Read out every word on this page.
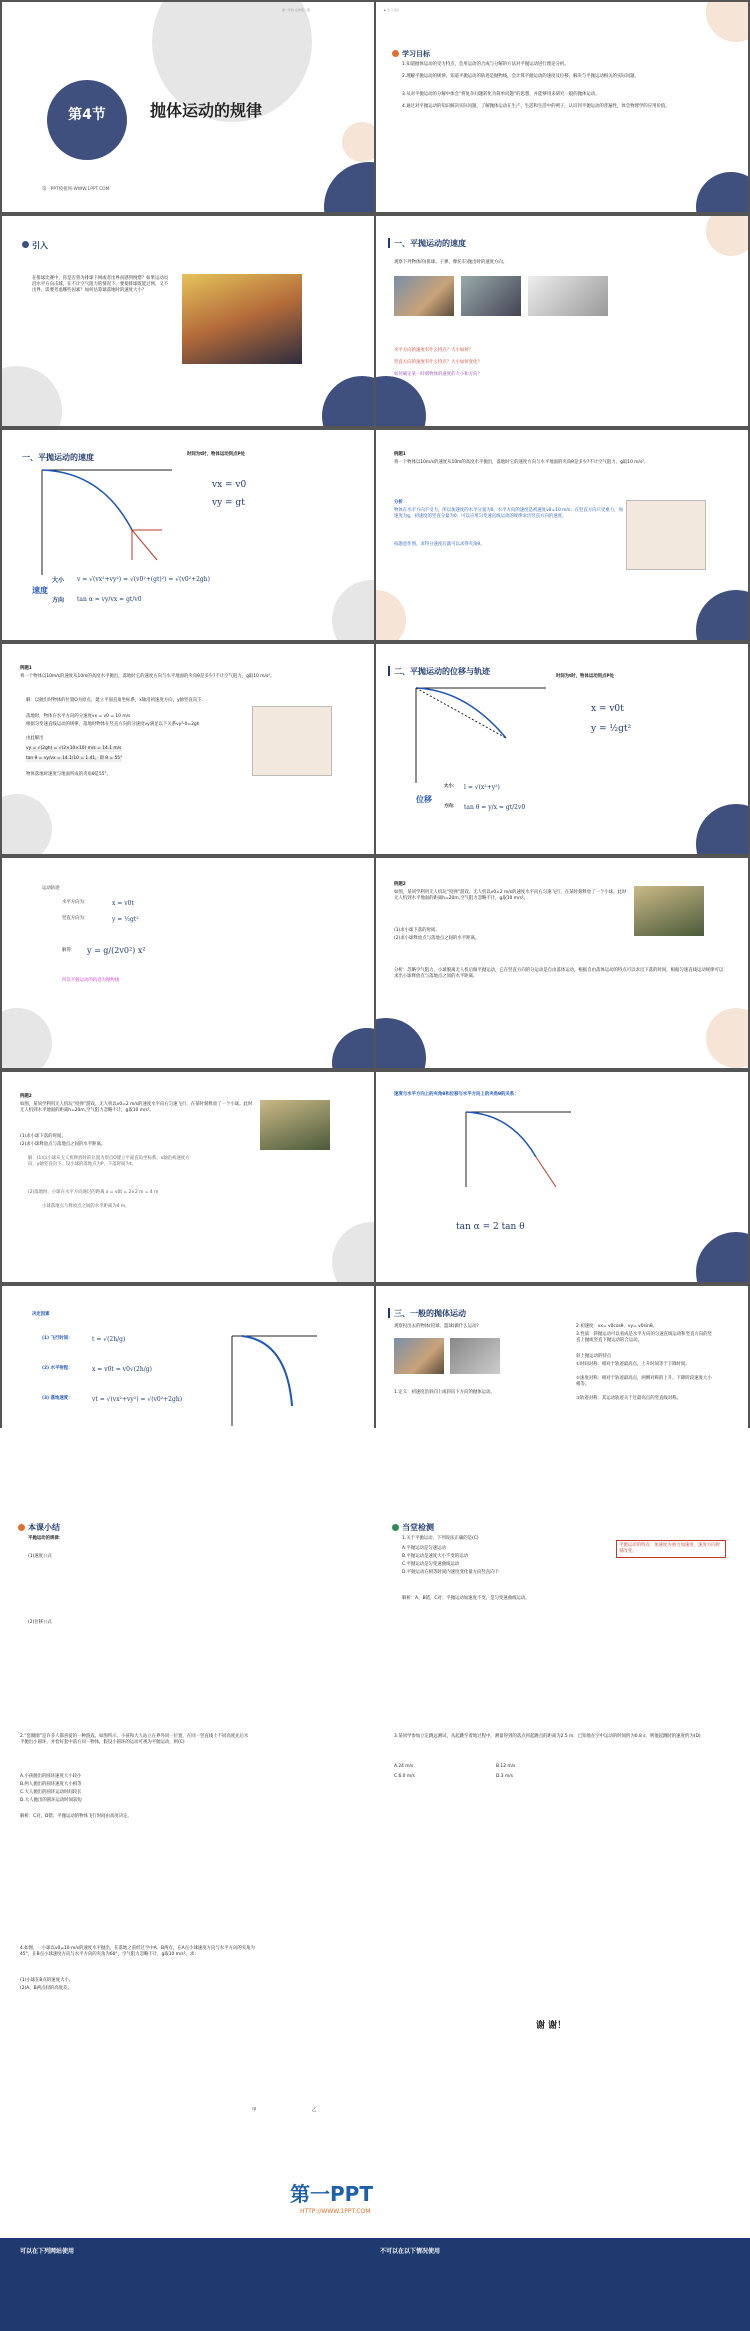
第一学校 必修第二册
第4节	抛体运动的规律
第一PPT模板网-WWW.1PPT.COM
▶ 学习目标
学习目标
1.知道抛体运动的受力特点，会用运动的合成与分解的方法对平抛运动进行理论分析。
2.理解平抛运动的规律，知道平抛运动的轨迹是抛物线，会计算平抛运动的速度及位移，解决与平抛运动相关的实际问题。
3.从对平抛运动的分解中体会“将复杂问题转化为简单问题”的思想，并能够用来研究一般的抛体运动。
4.通过对平抛运动的知识解决实际问题，了解抛体运动在生产、生活和生活中的例子，认识到平抛运动的普遍性，体会物理学的应用价值。
引入
在排球比赛中，你是否曾为排球下网或者出界而感到惋惜？如果运动员沿水平方向击球，在不计空气阻力的情况下，要使排球既能过网，又不出界，需要考虑哪些因素？如何估算球落地时的速度大小？
一、平抛运动的速度
观察下列物体的(排球、子弹、摩托车)抛出时的速度方向。
水平方向的速度有什么特点？大小如何？
竖直方向的速度有什么特点？大小如何变化？
如何确定某一时刻物体的速度的大小和方向？
一、平抛运动的速度	时间为t时，物体运动到点P处
vx = v0
vy = gt
速度
大小
方向
v = √(vx²+vy²) = √(v0²+(gt)²) = √(v0²+2gh)
tan α = vy/vx = gt/v0
例题1
将一个物体以10m/s的速度从10m的高度水平抛出，落地时它的速度方向与水平地面的夹角θ是多少?不计空气阻力，g取10 m/s²。
分析
物体在水平方向不受力，所以加速度的水平分量为0，水平方向的速度是初速度v0=10 m/s；在竖直方向只受重力，加速度为g，初速度的竖直分量为0，可以应用匀变速直线运动的规律求出竖直方向的速度。
按题意作图，求得分速度后就可以求得夹角θ。
例题1
将一个物体以10m/s的速度从10m的高度水平抛出，落地时它的速度方向与水平地面的夹角θ是多少?不计空气阻力，g取10 m/s²。
解：以抛出时物体的位置O为原点，建立平面直角坐标系，x轴沿初速度方向，y轴竖直向下。
落地时，物体在水平方向的分速度vx = v0 = 10 m/s
根据匀变速直线运动的规律，落地时物体在竖直方向的分速度vy满足以下关系vy²-0=2gh
由此解出
vy = √(2gh) = √(2×10×10) m/s = 14.1 m/s
tan θ = vy/vx = 14.1/10 = 1.41，即 θ = 55°
物体落地时速度与地面所成的夹角θ是55°。
二、平抛运动的位移与轨迹
时间为t时，物体运动到点P处
x = v0t
y = ½gt²
位移
大小：
方向：
l = √(x²+y²)
tan θ = y/x = gt/2v0
运动轨迹
水平方向为：	x = v0t
竖直方向为：	y = ½gt²
解得： y = g/(2v0²) x²
所以平抛运动的轨迹为抛物线
例题2
如图，某同学利用无人机玩“投弹”游戏。无人机以v0=2 m/s的速度水平向右匀速飞行，在某时刻释放了一个小球。此时无人机到水平地面的距离h=20m,空气阻力忽略不计，g取10 m/s²。
(1)求小球下落的时间。
(2)求小球释放点与落地点之间的水平距离。
分析：忽略空气阻力，小球脱离无人机后做平抛运动，它在竖直方向的分运动是自由落体运动，根据自由落体运动的特点可以求出下落的时间，根据匀速直线运动规律可以求出小球释放点与落地点之间的水平距离。
例题2
如图，某同学利用无人机玩“投弹”游戏。无人机以v0=2 m/s的速度水平向右匀速飞行，在某时刻释放了一个小球。此时无人机到水平地面的距离h=20m,空气阻力忽略不计，g取10 m/s²。
(1)求小球下落的时间。
(2)求小球释放点与落地点之间的水平距离。
解：(1)以小球从无人机释放时的位置为原点O建立平面直角坐标系，x轴沿初速度方向，y轴竖直向下。设小球的落地点为P，下落时间为t。
(2)落地时，小球在水平方向通过的距离 x = v0t = 2×2 m = 4 m
小球落地点与释放点之间的水平距离为4 m。
速度与水平方向上的夹角θ和位移与水平方向上的夹角θ的关系：
tan α = 2 tan θ
决定因素
(1) 飞行时间：	t = √(2h/g)
(2) 水平射程：	x = v0t = v0√(2h/g)
(3) 落地速度：	vt = √(vx²+vy²) = √(v0²+2gh)
三、一般的抛体运动
观察投出去的物体(铅球、篮球)做什么运动?
1.定义：初速度沿斜向上或斜向下方向的抛体运动。
2.初速度：vx= v0cosθ，vy= v0sinθ。
3.性质：斜抛运动可以看成是水平方向的匀速直线运动和竖直方向的竖直上抛或竖直下抛运动的合运动。
斜上抛运动的特点
①时间对称：相对于轨迹最高点，上升时间等于下降时间。
②速度对称：相对于轨迹最高点，两侧对称的上升、下降阶段速度大小相等。
③轨迹对称：其运动轨迹关于过最高点的竖直线对称。
本课小结
平抛运动的规律：
(1)速度公式
(2)位移公式
当堂检测
1.关于平抛运动，下列说法正确的是(C)
A.平抛运动是匀速运动
B.平抛运动是速度大小不变的运动
C.平抛运动是匀变速曲线运动
D.平抛运动在相等时间内速度变化量方向竖直向下
解析：A、B错，C对；平抛运动加速度不变，是匀变速曲线运动。
平抛运动的特点：加速度为重力加速度，速度方向时刻改变。
2.“套圈圈”是许多人都喜爱的一种游戏。如图所示，小孩和大人站立在界外同一位置，在同一竖直线上不同高度先后水平抛出小圆环，并恰好套中前方同一物体，假设小圆环的运动可视为平抛运动，则(C)
A.小孩抛出的圆环速度大小较小
B.两人抛出的圆环速度大小相等
C.大人抛出的圆环运动时间较长
D.大人抛出的圆环运动时间较短
解析：C对，D错；平抛运动的物体飞行时间由高度决定。
3.某同学参加立定跳远测试，从起跳至着地过程中，测量得到的落点到起跳点的距离为2.5 m，已知他在空中运动的时间约为0.8 s，则他起跳时的速度约为(D)
A.24 m/s	B.12 m/s
C.6.0 m/s	D.3 m/s
4.如图，一小球以v0=10 m/s的速度水平抛出，在落地之前经过空中A、B两点，在A点小球速度方向与水平方向的夹角为45°，在B点小球速度方向与水平方向的夹角为60°，空气阻力忽略不计，g取10 m/s²，求：
(1)小球在B点的速度大小。
(2)A、B两点间的高度差。
甲	乙
谢 谢！
第一PPT
HTTP://WWW.1PPT.COM
可以在下列网站使用	不可以在以下情况使用
